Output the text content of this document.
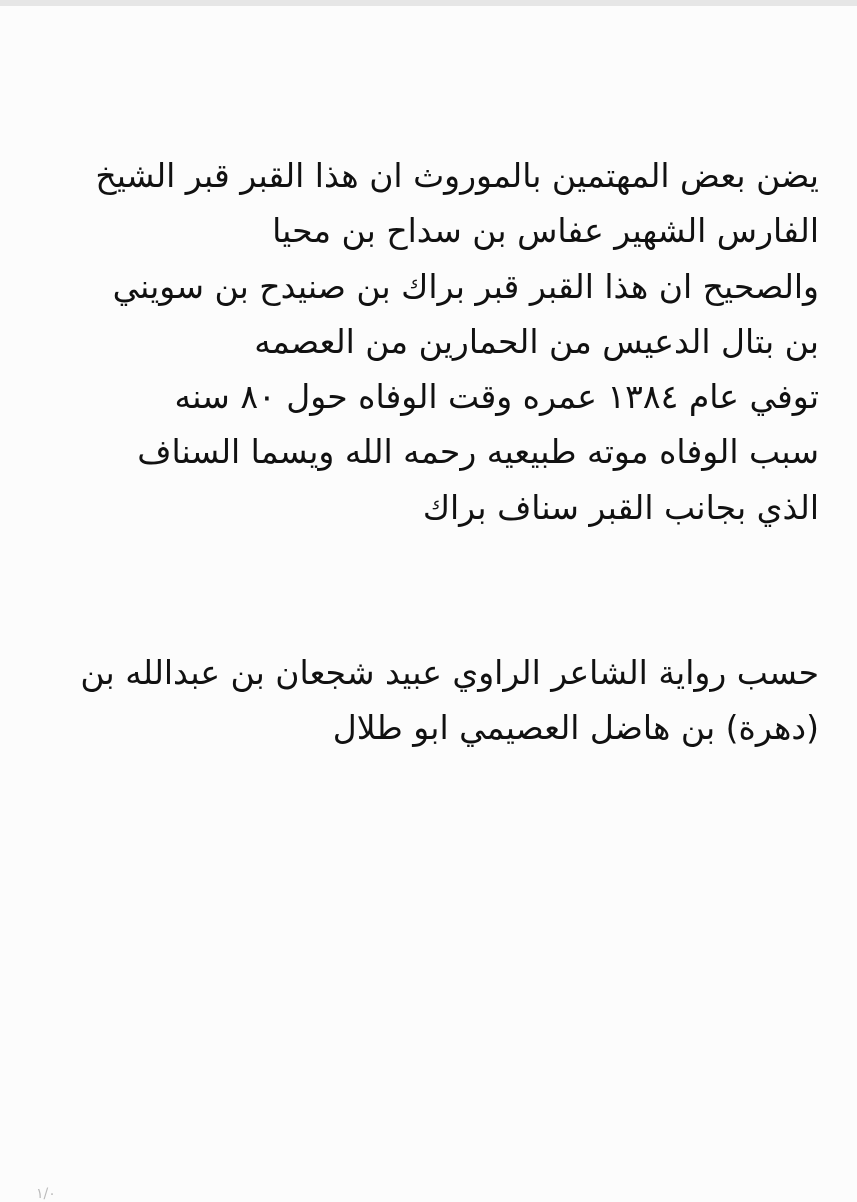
يضن بعض المهتمين بالموروث ان هذا القبر قبر الشيخ
الفارس الشهير عفاس بن سداح بن محيا
والصحيح ان هذا القبر قبر براك بن صنيدح بن سويني
بن بتال الدعيس من الحمارين من العصمه
توفي عام ١٣٨٤ عمره وقت الوفاه حول ٨٠ سنه
سبب الوفاه موته طبيعيه رحمه الله ويسما السناف
الذي بجانب القبر سناف براك
حسب رواية الشاعر الراوي عبيد شجعان بن عبدالله بن
(دهرة) بن هاضل العصيمي ابو طلال
١/٠
